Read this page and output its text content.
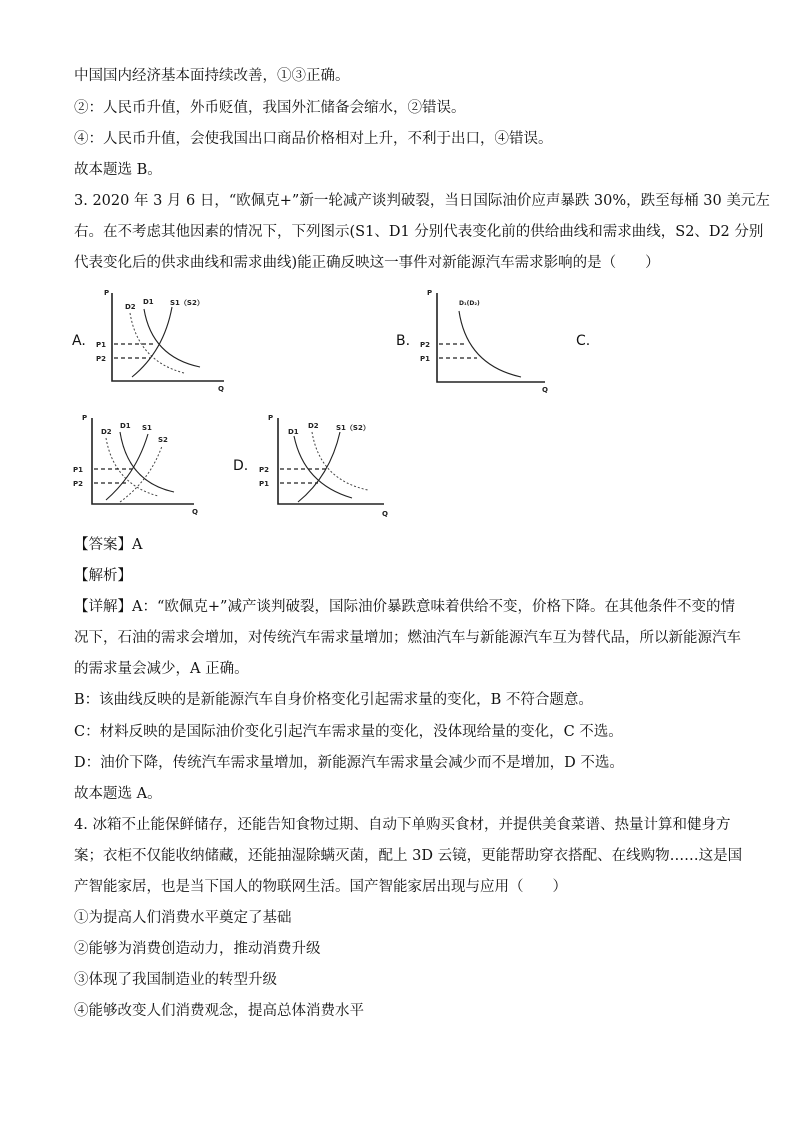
中国国内经济基本面持续改善，①③正确。
②：人民币升值，外币贬值，我国外汇储备会缩水，②错误。
④：人民币升值，会使我国出口商品价格相对上升，不利于出口，④错误。
故本题选 B。
3. 2020 年 3 月 6 日，“欧佩克+”新一轮减产谈判破裂，当日国际油价应声暴跌 30%，跌至每桶 30 美元左
右。在不考虑其他因素的情况下，下列图示(S1、D1 分别代表变化前的供给曲线和需求曲线，S2、D2 分别
代表变化后的供求曲线和需求曲线)能正确反映这一事件对新能源汽车需求影响的是（　　）
A.	B.	C.
D.
P
Q
D2
D1 S1（S2）
P1
P2
P
Q
D₁(D₂)
P2
P1
P
Q
D2
D1 S1
S2
P1
P2
P
Q
D1
D2 S1（S2）
P2
P1
【答案】A
【解析】
【详解】A：“欧佩克+”减产谈判破裂，国际油价暴跌意味着供给不变，价格下降。在其他条件不变的情
况下，石油的需求会增加，对传统汽车需求量增加；燃油汽车与新能源汽车互为替代品，所以新能源汽车
的需求量会减少，A 正确。
B：该曲线反映的是新能源汽车自身价格变化引起需求量的变化，B 不符合题意。
C：材料反映的是国际油价变化引起汽车需求量的变化，没体现给量的变化，C 不选。
D：油价下降，传统汽车需求量增加，新能源汽车需求量会减少而不是增加，D 不选。
故本题选 A。
4. 冰箱不止能保鲜储存，还能告知食物过期、自动下单购买食材，并提供美食菜谱、热量计算和健身方
案；衣柜不仅能收纳储藏，还能抽湿除螨灭菌，配上 3D 云镜，更能帮助穿衣搭配、在线购物……这是国
产智能家居，也是当下国人的物联网生活。国产智能家居出现与应用（　　）
①为提高人们消费水平奠定了基础
②能够为消费创造动力，推动消费升级
③体现了我国制造业的转型升级
④能够改变人们消费观念，提高总体消费水平
